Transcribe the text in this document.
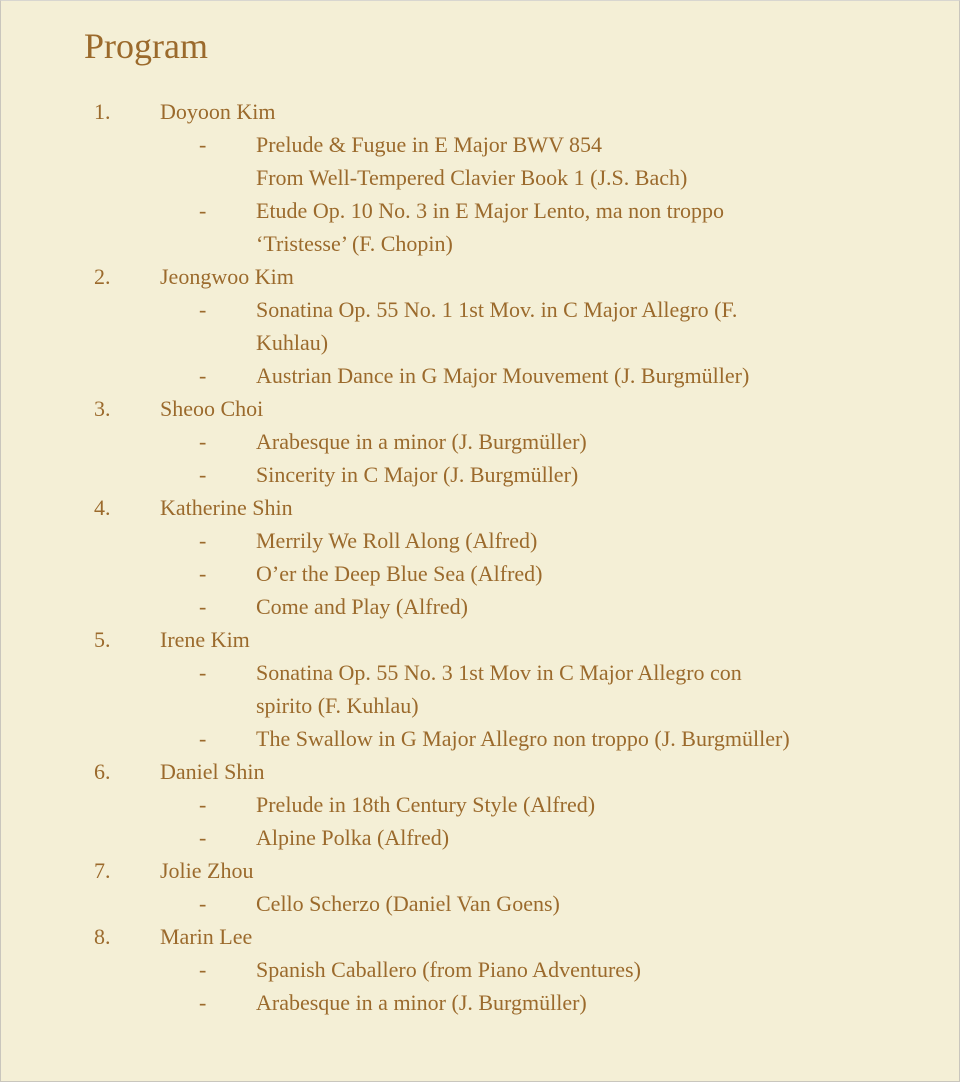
Program
1. Doyoon Kim
- Prelude & Fugue in E Major BWV 854
From Well-Tempered Clavier Book 1 (J.S. Bach)
- Etude Op. 10 No. 3 in E Major Lento, ma non troppo
‘Tristesse’ (F. Chopin)
2. Jeongwoo Kim
- Sonatina Op. 55 No. 1 1st Mov. in C Major Allegro (F.
Kuhlau)
- Austrian Dance in G Major Mouvement (J. Burgmüller)
3. Sheoo Choi
- Arabesque in a minor (J. Burgmüller)
- Sincerity in C Major (J. Burgmüller)
4. Katherine Shin
- Merrily We Roll Along (Alfred)
- O’er the Deep Blue Sea (Alfred)
- Come and Play (Alfred)
5. Irene Kim
- Sonatina Op. 55 No. 3 1st Mov in C Major Allegro con
spirito (F. Kuhlau)
- The Swallow in G Major Allegro non troppo (J. Burgmüller)
6. Daniel Shin
- Prelude in 18th Century Style (Alfred)
- Alpine Polka (Alfred)
7. Jolie Zhou
- Cello Scherzo (Daniel Van Goens)
8. Marin Lee
- Spanish Caballero (from Piano Adventures)
- Arabesque in a minor (J. Burgmüller)
